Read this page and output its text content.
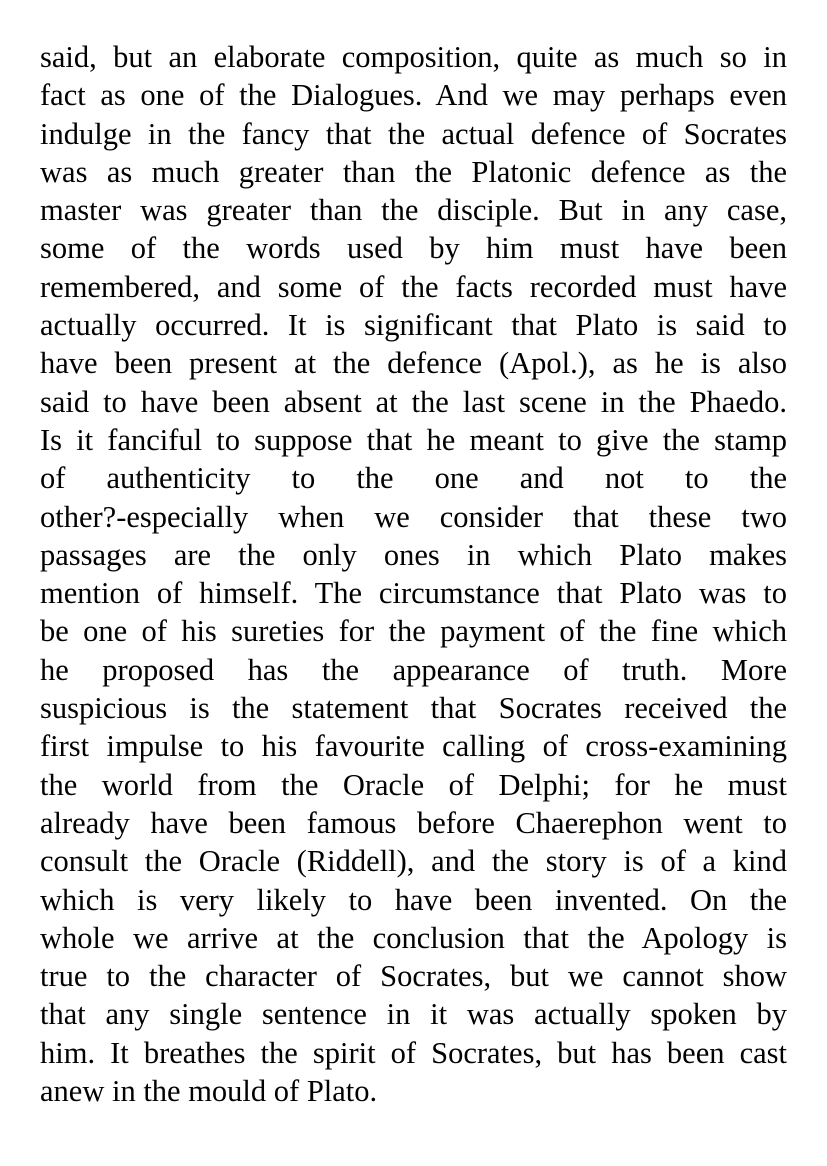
said, but an elaborate composition, quite as much so in
fact as one of the Dialogues. And we may perhaps even
indulge in the fancy that the actual defence of Socrates
was as much greater than the Platonic defence as the
master was greater than the disciple. But in any case,
some of the words used by him must have been
remembered, and some of the facts recorded must have
actually occurred. It is significant that Plato is said to
have been present at the defence (Apol.), as he is also
said to have been absent at the last scene in the Phaedo.
Is it fanciful to suppose that he meant to give the stamp
of authenticity to the one and not to the
other?-especially when we consider that these two
passages are the only ones in which Plato makes
mention of himself. The circumstance that Plato was to
be one of his sureties for the payment of the fine which
he proposed has the appearance of truth. More
suspicious is the statement that Socrates received the
first impulse to his favourite calling of cross-examining
the world from the Oracle of Delphi; for he must
already have been famous before Chaerephon went to
consult the Oracle (Riddell), and the story is of a kind
which is very likely to have been invented. On the
whole we arrive at the conclusion that the Apology is
true to the character of Socrates, but we cannot show
that any single sentence in it was actually spoken by
him. It breathes the spirit of Socrates, but has been cast
anew in the mould of Plato.
